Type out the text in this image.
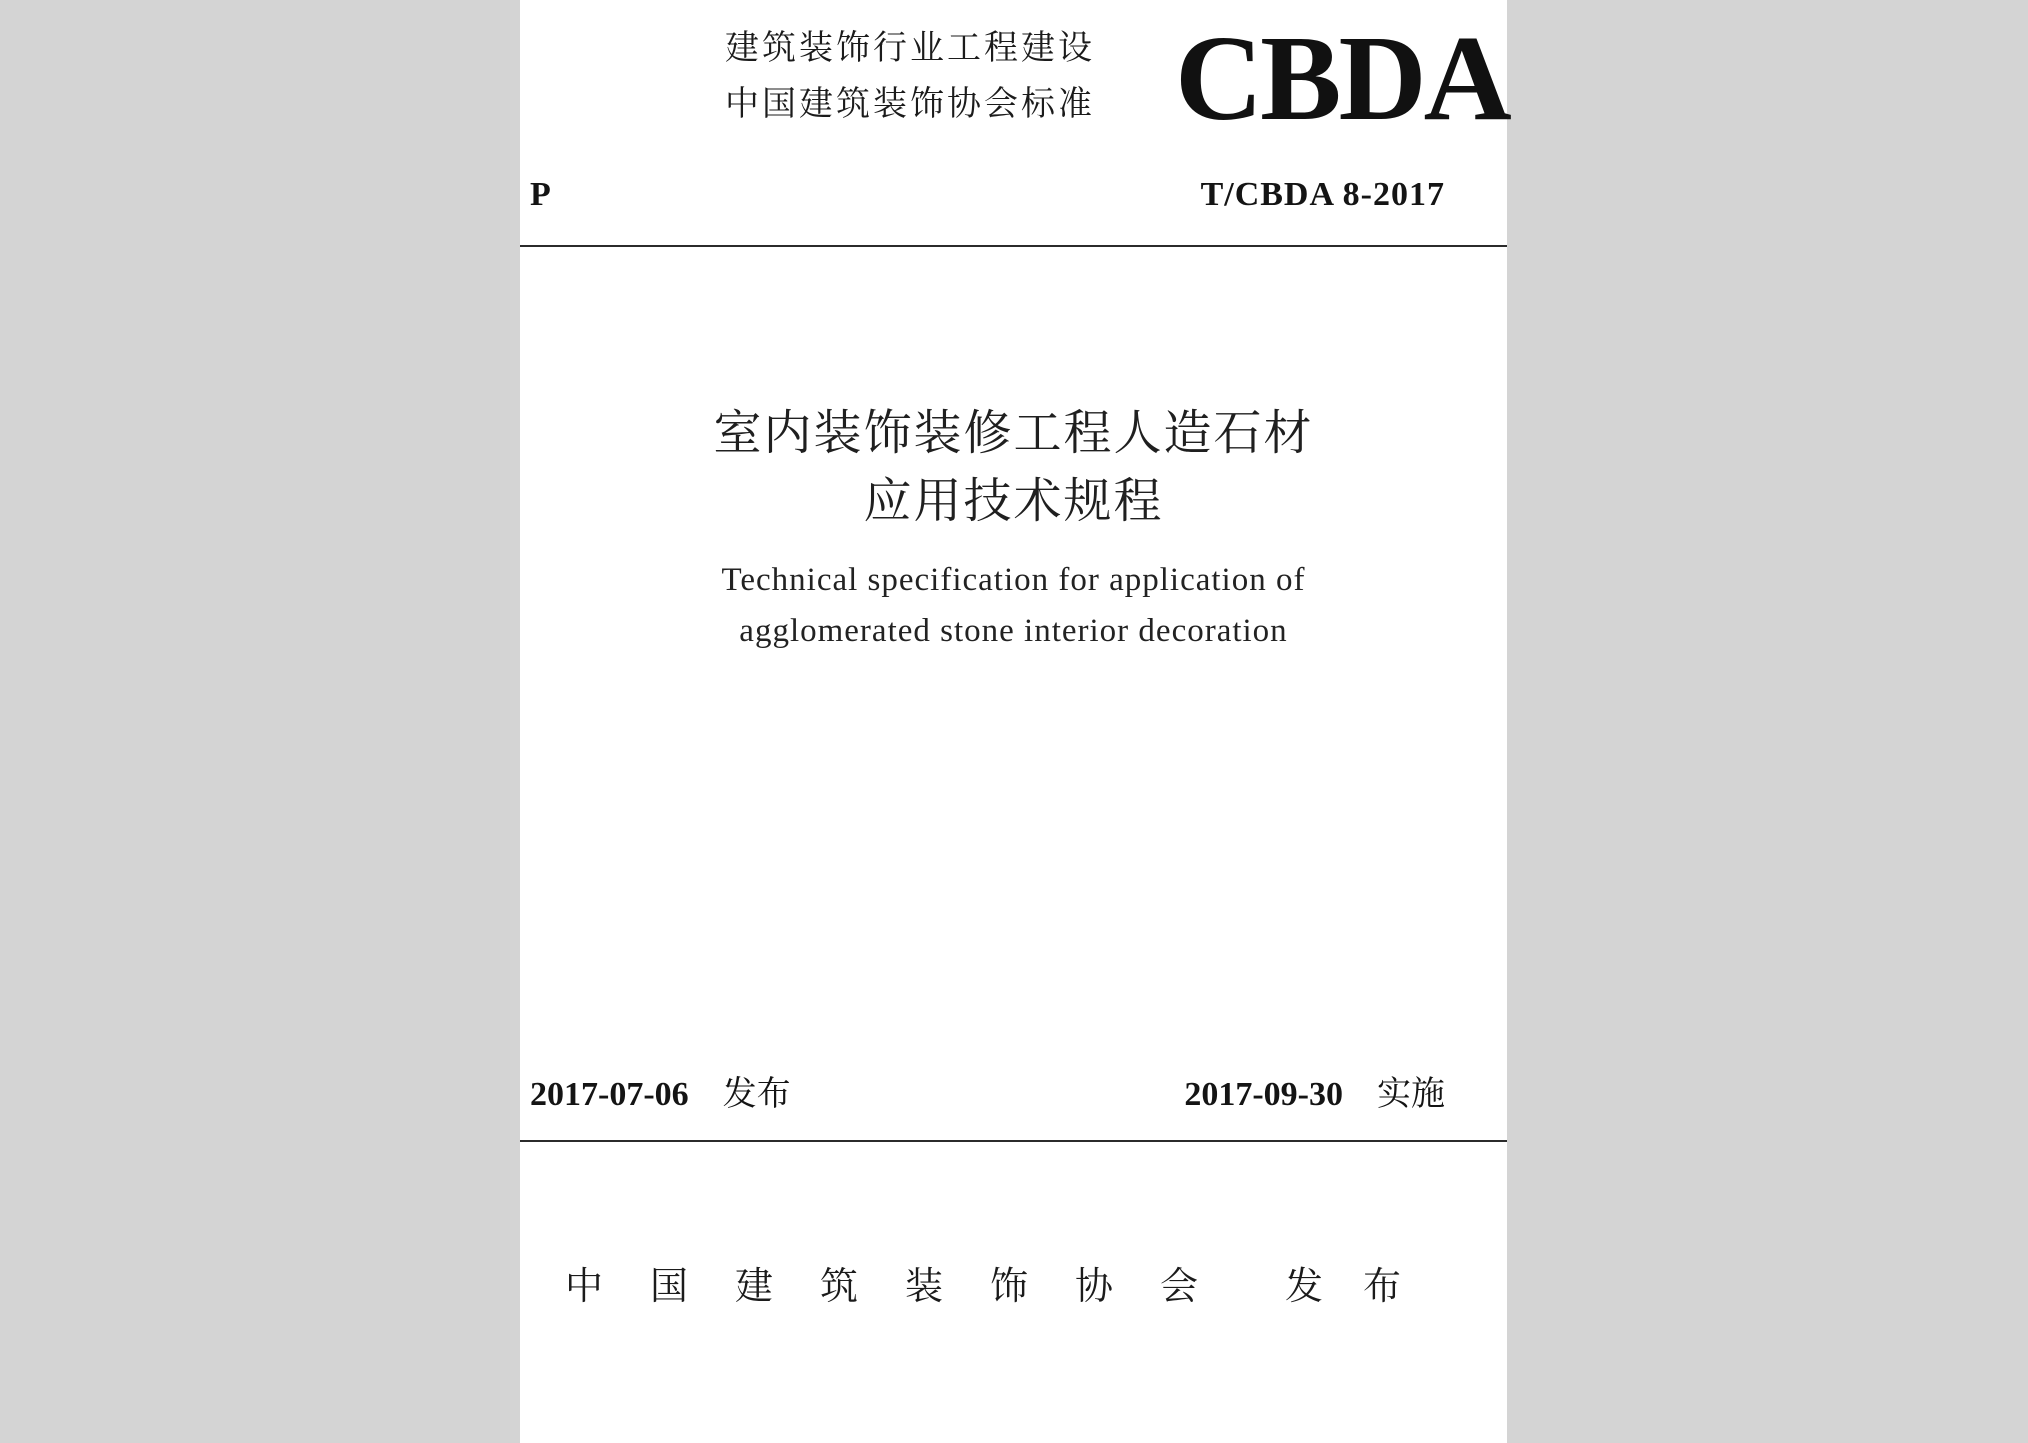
建筑装饰行业工程建设
中国建筑装饰协会标准 CBDA
P	T/CBDA 8-2017
室内装饰装修工程人造石材
应用技术规程
Technical specification for application of
agglomerated stone interior decoration
2017-07-06 发布	2017-09-30 实施
中 国 建 筑 装 饰 协 会 发 布
